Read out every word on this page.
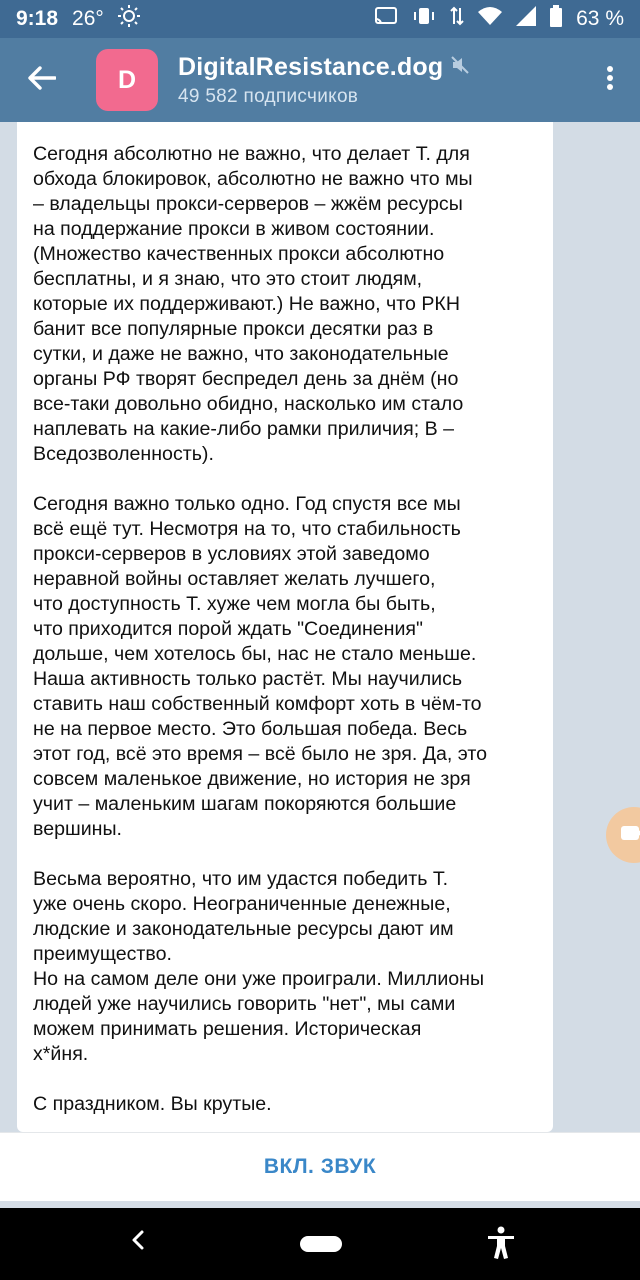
9:18 26°	63 %
D	DigitalResistance.dog
49 582 подписчиков

Сегодня абсолютно не важно, что делает Т. для
обхода блокировок, абсолютно не важно что мы
– владельцы прокси-серверов – жжём ресурсы
на поддержание прокси в живом состоянии.
(Множество качественных прокси абсолютно
бесплатны, и я знаю, что это стоит людям,
которые их поддерживают.) Не важно, что РКН
банит все популярные прокси десятки раз в
сутки, и даже не важно, что законодательные
органы РФ творят беспредел день за днём (но
все-таки довольно обидно, насколько им стало
наплевать на какие-либо рамки приличия; В –
Вседозволенность).

Сегодня важно только одно. Год спустя все мы
всё ещё тут. Несмотря на то, что стабильность
прокси-серверов в условиях этой заведомо
неравной войны оставляет желать лучшего,
что доступность Т. хуже чем могла бы быть,
что приходится порой ждать "Соединения"
дольше, чем хотелось бы, нас не стало меньше.
Наша активность только растёт. Мы научились
ставить наш собственный комфорт хоть в чём-то
не на первое место. Это большая победа. Весь
этот год, всё это время – всё было не зря. Да, это
совсем маленькое движение, но история не зря
учит – маленьким шагам покоряются большие
вершины.

Весьма вероятно, что им удастся победить Т.
уже очень скоро. Неограниченные денежные,
людские и законодательные ресурсы дают им
преимущество.
Но на самом деле они уже проиграли. Миллионы
людей уже научились говорить "нет", мы сами
можем принимать решения. Историческая
х*йня.

С праздником. Вы крутые.

ВКЛ. ЗВУК
